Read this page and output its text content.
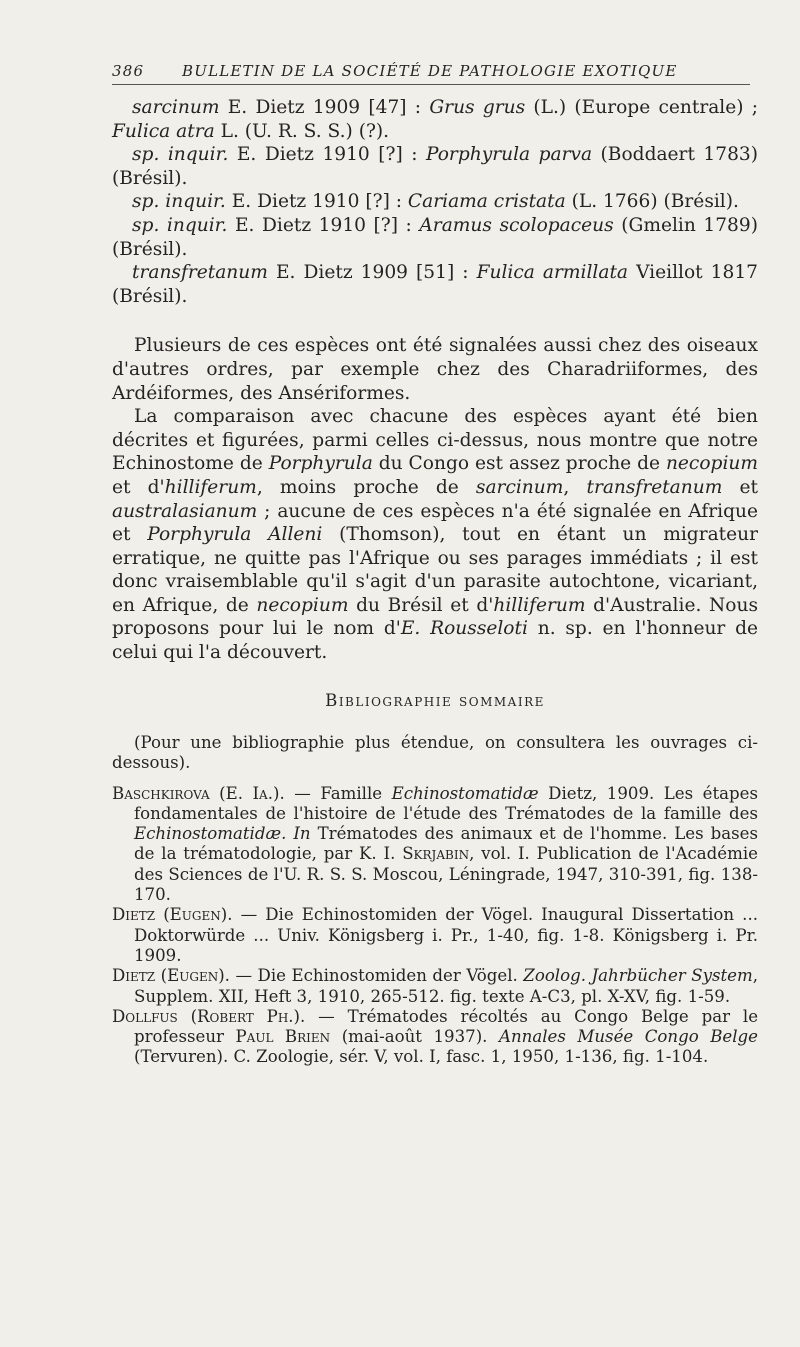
386	BULLETIN DE LA SOCIÉTÉ DE PATHOLOGIE EXOTIQUE

sarcinum E. Dietz 1909 [47] : Grus grus (L.) (Europe centrale) ; Fulica atra L. (U. R. S. S.) (?).

sp. inquir. E. Dietz 1910 [?] : Porphyrula parva (Boddaert 1783) (Brésil).

sp. inquir. E. Dietz 1910 [?] : Cariama cristata (L. 1766) (Brésil).

sp. inquir. E. Dietz 1910 [?] : Aramus scolopaceus (Gmelin 1789) (Brésil).

transfretanum E. Dietz 1909 [51] : Fulica armillata Vieillot 1817 (Brésil).

Plusieurs de ces espèces ont été signalées aussi chez des oiseaux d'autres ordres, par exemple chez des Charadriiformes, des Ardéiformes, des Ansériformes.

La comparaison avec chacune des espèces ayant été bien décrites et figurées, parmi celles ci-dessus, nous montre que notre Echinostome de Porphyrula du Congo est assez proche de necopium et d'hilliferum, moins proche de sarcinum, transfretanum et australasianum ; aucune de ces espèces n'a été signalée en Afrique et Porphyrula Alleni (Thomson), tout en étant un migrateur erratique, ne quitte pas l'Afrique ou ses parages immédiats ; il est donc vraisemblable qu'il s'agit d'un parasite autochtone, vicariant, en Afrique, de necopium du Brésil et d'hilliferum d'Australie. Nous proposons pour lui le nom d'E. Rousseloti n. sp. en l'honneur de celui qui l'a découvert.

Bibliographie sommaire

(Pour une bibliographie plus étendue, on consultera les ouvrages ci-dessous).

Baschkirova (E. Ia.). — Famille Echinostomatidæ Dietz, 1909. Les étapes fondamentales de l'histoire de l'étude des Trématodes de la famille des Echinostomatidæ. In Trématodes des animaux et de l'homme. Les bases de la trématodologie, par K. I. Skrjabin, vol. I. Publication de l'Académie des Sciences de l'U. R. S. S. Moscou, Léningrade, 1947, 310-391, fig. 138-170.

Dietz (Eugen). — Die Echinostomiden der Vögel. Inaugural Dissertation ... Doktorwürde ... Univ. Königsberg i. Pr., 1-40, fig. 1-8. Königsberg i. Pr. 1909.

Dietz (Eugen). — Die Echinostomiden der Vögel. Zoolog. Jahrbücher System, Supplem. XII, Heft 3, 1910, 265-512. fig. texte A-C3, pl. X-XV, fig. 1-59.

Dollfus (Robert Ph.). — Trématodes récoltés au Congo Belge par le professeur Paul Brien (mai-août 1937). Annales Musée Congo Belge (Tervuren). C. Zoologie, sér. V, vol. I, fasc. 1, 1950, 1-136, fig. 1-104.
